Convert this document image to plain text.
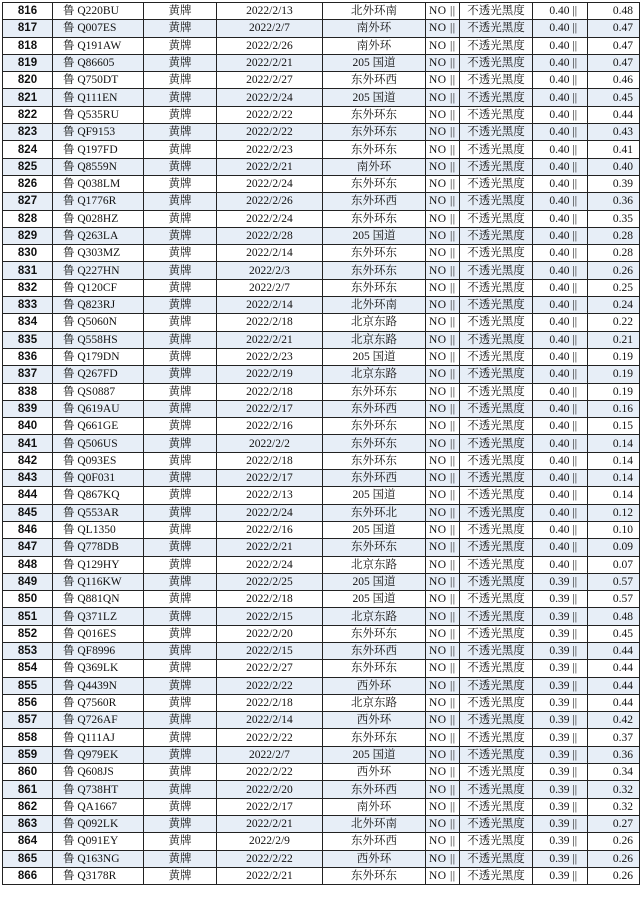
816	鲁 Q220BU	黄牌	2022/2/13	北外环南	NO ||	不透光黑度	0.40 ||	0.48
817	鲁 Q007ES	黄牌	2022/2/7	南外环	NO ||	不透光黑度	0.40 ||	0.47
818	鲁 Q191AW	黄牌	2022/2/26	南外环	NO ||	不透光黑度	0.40 ||	0.47
819	鲁 Q86605	黄牌	2022/2/21	205 国道	NO ||	不透光黑度	0.40 ||	0.47
820	鲁 Q750DT	黄牌	2022/2/27	东外环西	NO ||	不透光黑度	0.40 ||	0.46
821	鲁 Q111EN	黄牌	2022/2/24	205 国道	NO ||	不透光黑度	0.40 ||	0.45
822	鲁 Q535RU	黄牌	2022/2/22	东外环东	NO ||	不透光黑度	0.40 ||	0.44
823	鲁 QF9153	黄牌	2022/2/22	东外环东	NO ||	不透光黑度	0.40 ||	0.43
824	鲁 Q197FD	黄牌	2022/2/23	东外环东	NO ||	不透光黑度	0.40 ||	0.41
825	鲁 Q8559N	黄牌	2022/2/21	南外环	NO ||	不透光黑度	0.40 ||	0.40
826	鲁 Q038LM	黄牌	2022/2/24	东外环东	NO ||	不透光黑度	0.40 ||	0.39
827	鲁 Q1776R	黄牌	2022/2/26	东外环西	NO ||	不透光黑度	0.40 ||	0.36
828	鲁 Q028HZ	黄牌	2022/2/24	东外环东	NO ||	不透光黑度	0.40 ||	0.35
829	鲁 Q263LA	黄牌	2022/2/28	205 国道	NO ||	不透光黑度	0.40 ||	0.28
830	鲁 Q303MZ	黄牌	2022/2/14	东外环东	NO ||	不透光黑度	0.40 ||	0.28
831	鲁 Q227HN	黄牌	2022/2/3	东外环东	NO ||	不透光黑度	0.40 ||	0.26
832	鲁 Q120CF	黄牌	2022/2/7	东外环东	NO ||	不透光黑度	0.40 ||	0.25
833	鲁 Q823RJ	黄牌	2022/2/14	北外环南	NO ||	不透光黑度	0.40 ||	0.24
834	鲁 Q5060N	黄牌	2022/2/18	北京东路	NO ||	不透光黑度	0.40 ||	0.22
835	鲁 Q558HS	黄牌	2022/2/21	北京东路	NO ||	不透光黑度	0.40 ||	0.21
836	鲁 Q179DN	黄牌	2022/2/23	205 国道	NO ||	不透光黑度	0.40 ||	0.19
837	鲁 Q267FD	黄牌	2022/2/19	北京东路	NO ||	不透光黑度	0.40 ||	0.19
838	鲁 QS0887	黄牌	2022/2/18	东外环东	NO ||	不透光黑度	0.40 ||	0.19
839	鲁 Q619AU	黄牌	2022/2/17	东外环西	NO ||	不透光黑度	0.40 ||	0.16
840	鲁 Q661GE	黄牌	2022/2/16	东外环东	NO ||	不透光黑度	0.40 ||	0.15
841	鲁 Q506US	黄牌	2022/2/2	东外环东	NO ||	不透光黑度	0.40 ||	0.14
842	鲁 Q093ES	黄牌	2022/2/18	东外环东	NO ||	不透光黑度	0.40 ||	0.14
843	鲁 Q0F031	黄牌	2022/2/17	东外环西	NO ||	不透光黑度	0.40 ||	0.14
844	鲁 Q867KQ	黄牌	2022/2/13	205 国道	NO ||	不透光黑度	0.40 ||	0.14
845	鲁 Q553AR	黄牌	2022/2/24	东外环北	NO ||	不透光黑度	0.40 ||	0.12
846	鲁 QL1350	黄牌	2022/2/16	205 国道	NO ||	不透光黑度	0.40 ||	0.10
847	鲁 Q778DB	黄牌	2022/2/21	东外环东	NO ||	不透光黑度	0.40 ||	0.09
848	鲁 Q129HY	黄牌	2022/2/24	北京东路	NO ||	不透光黑度	0.40 ||	0.07
849	鲁 Q116KW	黄牌	2022/2/25	205 国道	NO ||	不透光黑度	0.39 ||	0.57
850	鲁 Q881QN	黄牌	2022/2/18	205 国道	NO ||	不透光黑度	0.39 ||	0.57
851	鲁 Q371LZ	黄牌	2022/2/15	北京东路	NO ||	不透光黑度	0.39 ||	0.48
852	鲁 Q016ES	黄牌	2022/2/20	东外环东	NO ||	不透光黑度	0.39 ||	0.45
853	鲁 QF8996	黄牌	2022/2/15	东外环西	NO ||	不透光黑度	0.39 ||	0.44
854	鲁 Q369LK	黄牌	2022/2/27	东外环东	NO ||	不透光黑度	0.39 ||	0.44
855	鲁 Q4439N	黄牌	2022/2/22	西外环	NO ||	不透光黑度	0.39 ||	0.44
856	鲁 Q7560R	黄牌	2022/2/18	北京东路	NO ||	不透光黑度	0.39 ||	0.44
857	鲁 Q726AF	黄牌	2022/2/14	西外环	NO ||	不透光黑度	0.39 ||	0.42
858	鲁 Q111AJ	黄牌	2022/2/22	东外环东	NO ||	不透光黑度	0.39 ||	0.37
859	鲁 Q979EK	黄牌	2022/2/7	205 国道	NO ||	不透光黑度	0.39 ||	0.36
860	鲁 Q608JS	黄牌	2022/2/22	西外环	NO ||	不透光黑度	0.39 ||	0.34
861	鲁 Q738HT	黄牌	2022/2/20	东外环西	NO ||	不透光黑度	0.39 ||	0.32
862	鲁 QA1667	黄牌	2022/2/17	南外环	NO ||	不透光黑度	0.39 ||	0.32
863	鲁 Q092LK	黄牌	2022/2/21	北外环南	NO ||	不透光黑度	0.39 ||	0.27
864	鲁 Q091EY	黄牌	2022/2/9	东外环西	NO ||	不透光黑度	0.39 ||	0.26
865	鲁 Q163NG	黄牌	2022/2/22	西外环	NO ||	不透光黑度	0.39 ||	0.26
866	鲁 Q3178R	黄牌	2022/2/21	东外环东	NO ||	不透光黑度	0.39 ||	0.26
